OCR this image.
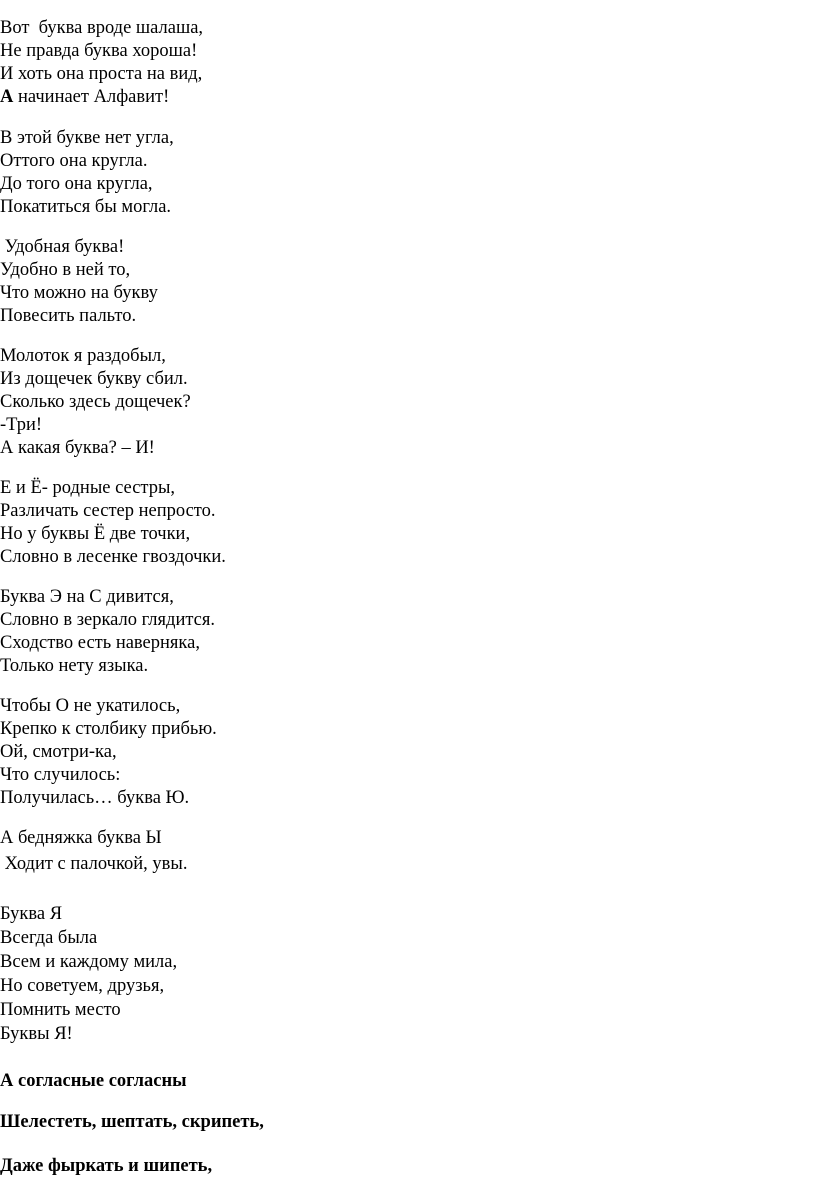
Вот  буква вроде шалаша,
Не правда буква хороша!
И хоть она проста на вид,
А начинает Алфавит!
В этой букве нет угла,
Оттого она кругла.
До того она кругла,
Покатиться бы могла.
Удобная буква!
Удобно в ней то,
Что можно на букву
Повесить пальто.
Молоток я раздобыл,
Из дощечек букву сбил.
Сколько здесь дощечек?
-Три!
А какая буква? – И!
Е и Ё- родные сестры,
Различать сестер непросто.
Но у буквы Ё две точки,
Словно в лесенке гвоздочки.
Буква Э на С дивится,
Словно в зеркало глядится.
Сходство есть наверняка,
Только нету языка.
Чтобы О не укатилось,
Крепко к столбику прибью.
Ой, смотри-ка,
Что случилось:
Получилась… буква Ю.
А бедняжка буква Ы
Ходит с палочкой, увы.
Буква Я
Всегда была
Всем и каждому мила,
Но советуем, друзья,
Помнить место
Буквы Я!
А согласные согласны
Шелестеть, шептать, скрипеть,
Даже фыркать и шипеть,
